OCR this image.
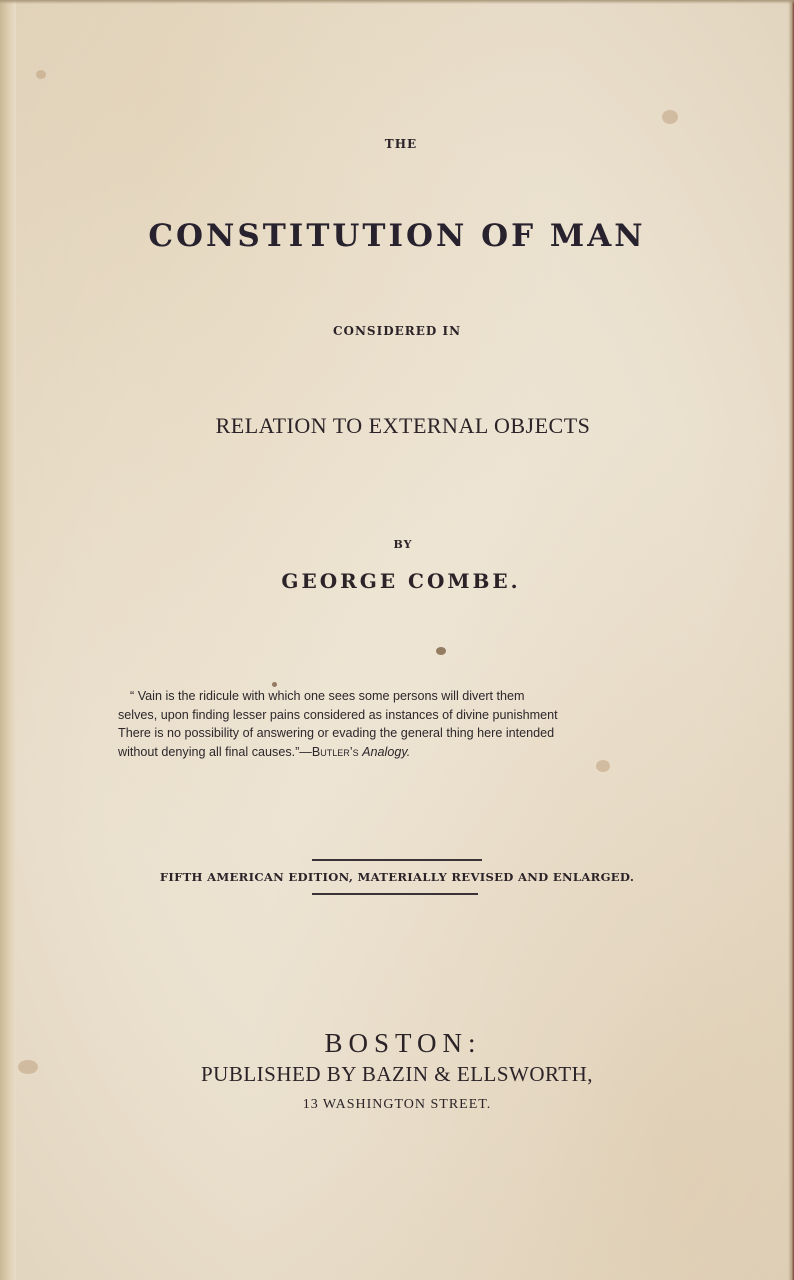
THE
CONSTITUTION OF MAN
CONSIDERED IN
RELATION TO EXTERNAL OBJECTS
BY
GEORGE COMBE.
“ Vain is the ridicule with which one sees some persons will divert them
selves, upon finding lesser pains considered as instances of divine punishment
There is no possibility of answering or evading the general thing here intended
without denying all final causes.”—Butler’s Analogy.
FIFTH AMERICAN EDITION, MATERIALLY REVISED AND ENLARGED.
BOSTON:
PUBLISHED BY BAZIN & ELLSWORTH,
13 WASHINGTON STREET.
